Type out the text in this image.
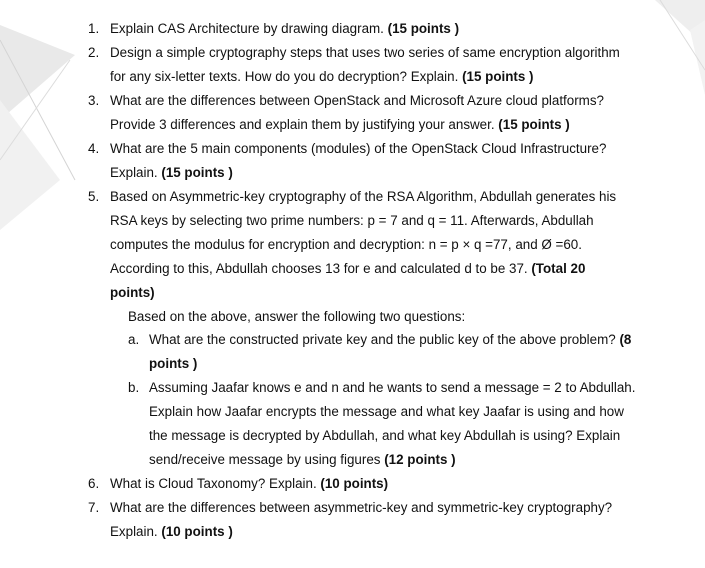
1. Explain CAS Architecture by drawing diagram. (15 points )
2. Design a simple cryptography steps that uses two series of same encryption algorithm
for any six-letter texts. How do you do decryption? Explain. (15 points )
3. What are the differences between OpenStack and Microsoft Azure cloud platforms?
Provide 3 differences and explain them by justifying your answer. (15 points )
4. What are the 5 main components (modules) of the OpenStack Cloud Infrastructure?
Explain. (15 points )
5. Based on Asymmetric-key cryptography of the RSA Algorithm, Abdullah generates his
RSA keys by selecting two prime numbers: p = 7 and q = 11. Afterwards, Abdullah
computes the modulus for encryption and decryption: n = p × q =77, and Ø =60.
According to this, Abdullah chooses 13 for e and calculated d to be 37. (Total 20
points)
Based on the above, answer the following two questions:
a. What are the constructed private key and the public key of the above problem? (8
points )
b. Assuming Jaafar knows e and n and he wants to send a message = 2 to Abdullah.
Explain how Jaafar encrypts the message and what key Jaafar is using and how
the message is decrypted by Abdullah, and what key Abdullah is using? Explain
send/receive message by using figures (12 points )
6. What is Cloud Taxonomy? Explain. (10 points)
7. What are the differences between asymmetric-key and symmetric-key cryptography?
Explain. (10 points )
